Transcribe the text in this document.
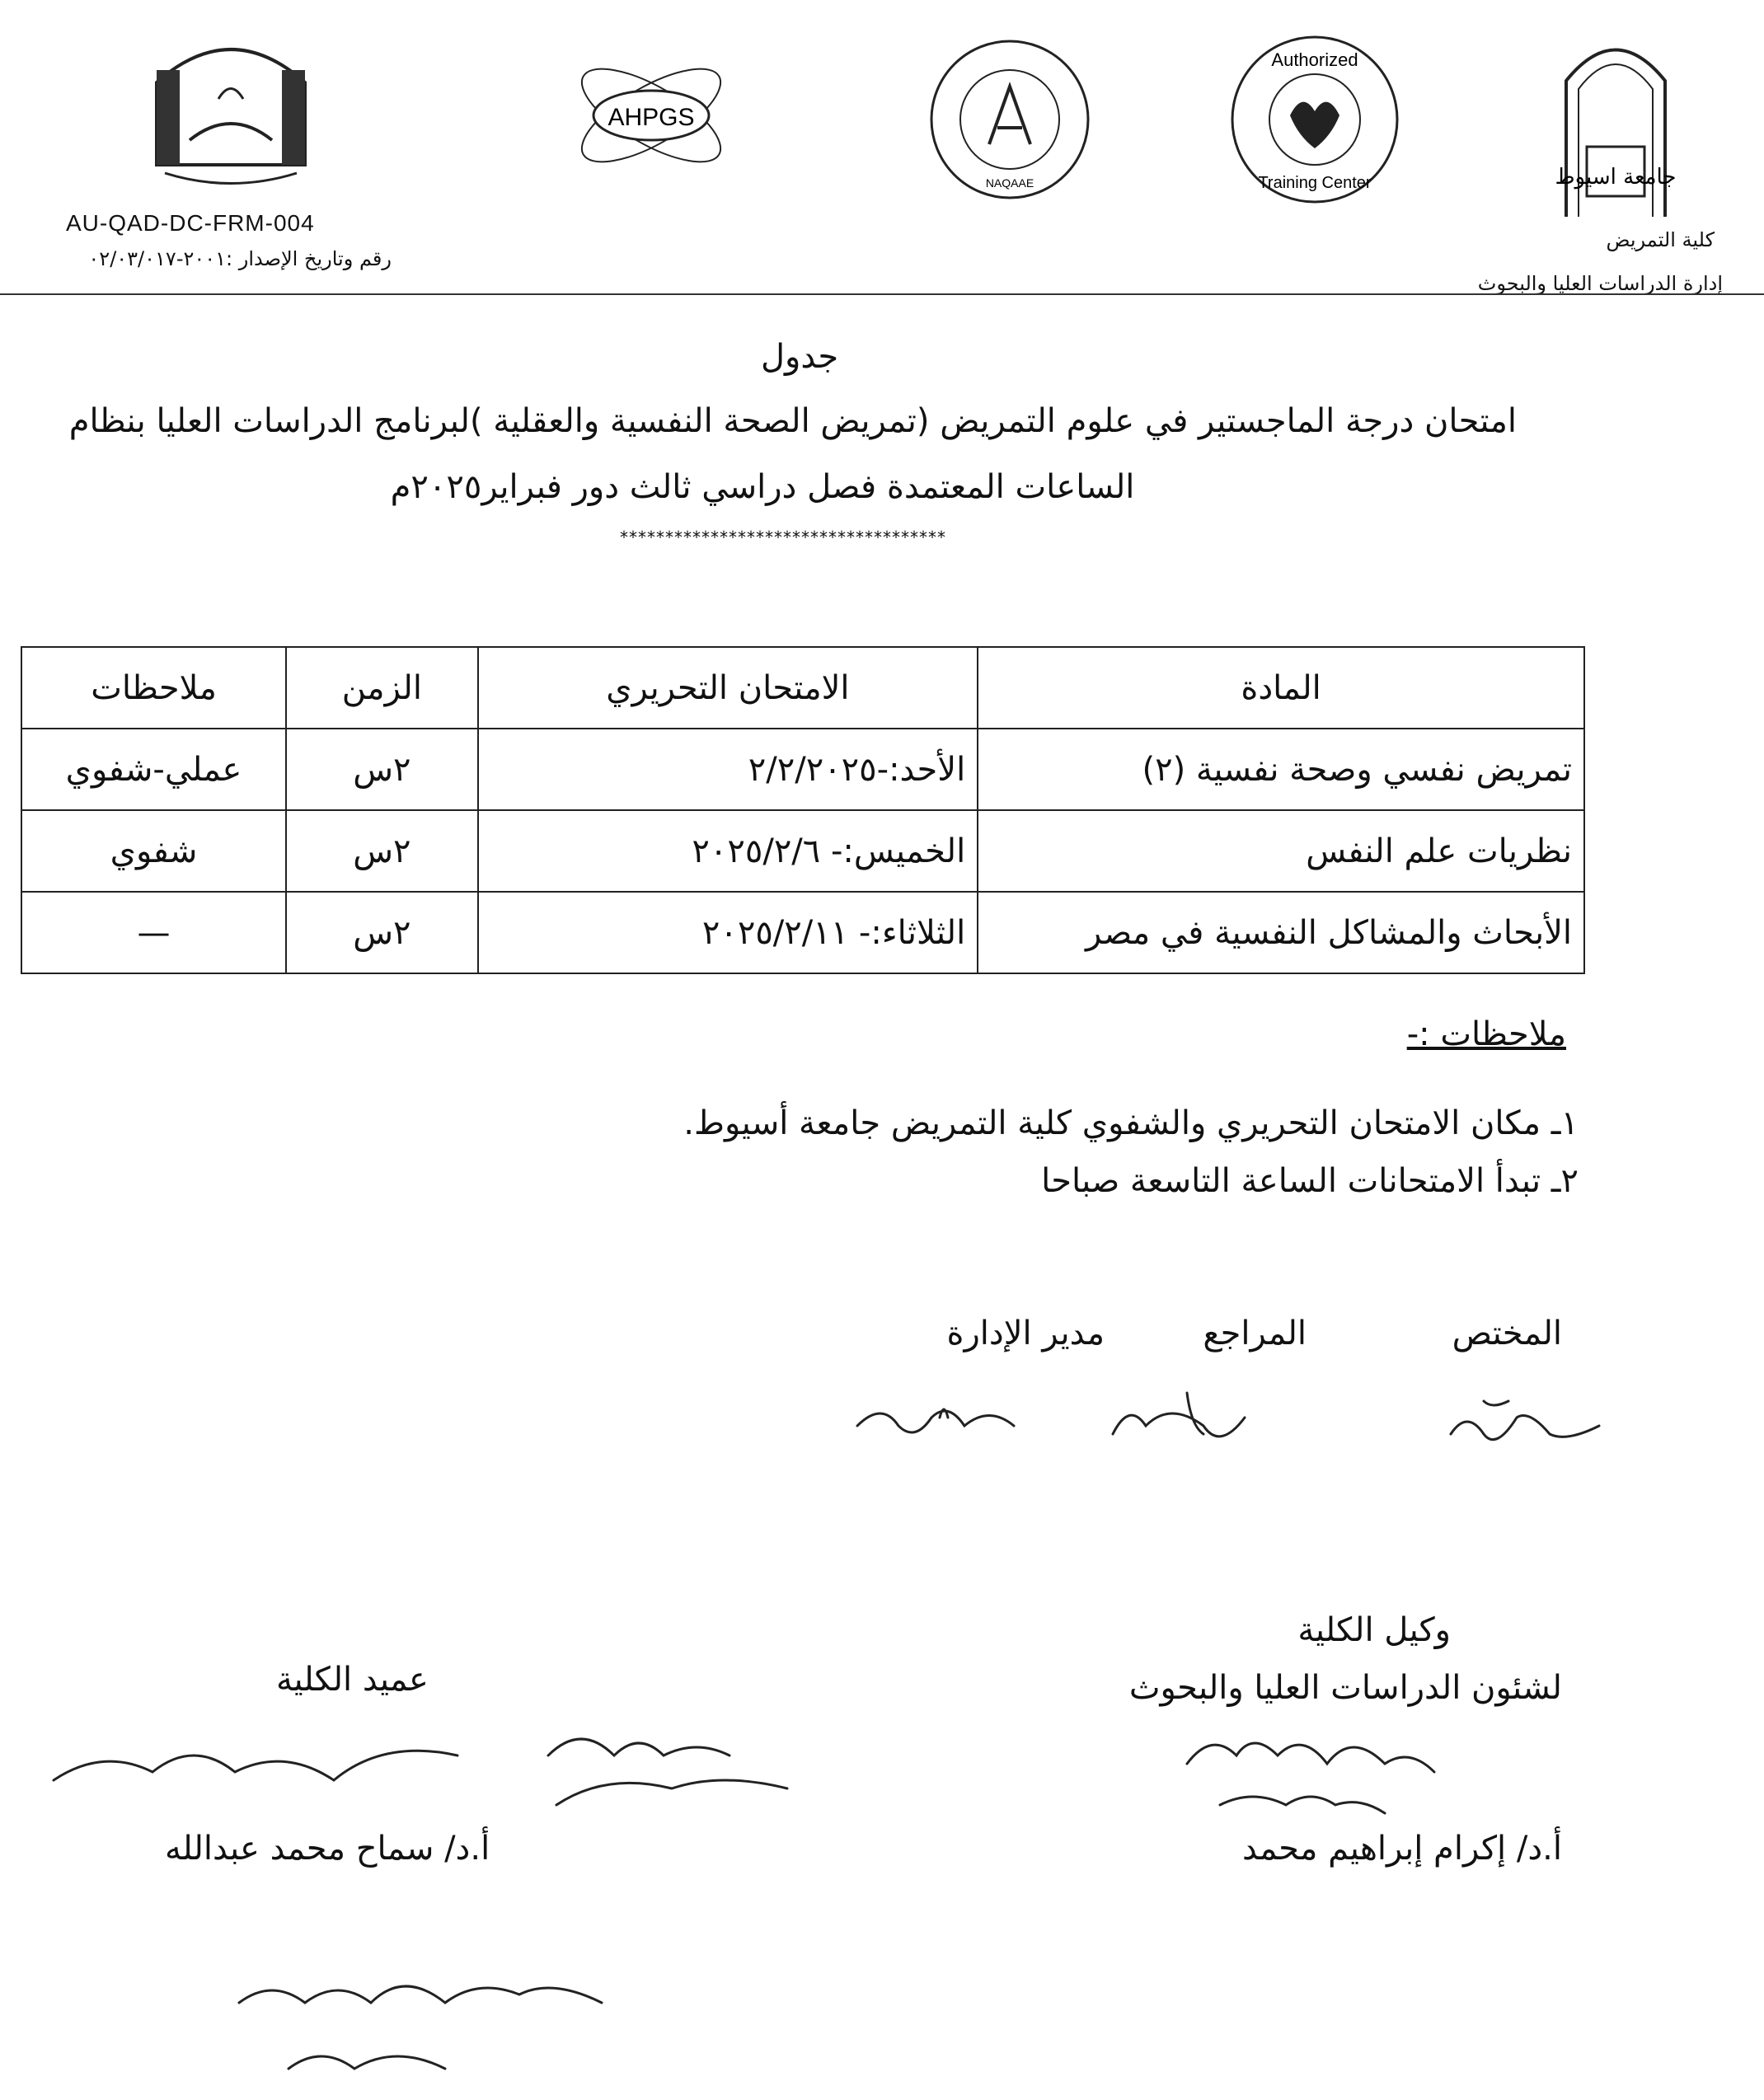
جامعة اسيوط
Authorized
Training Center
NAQAAE
AHPGS
AU-QAD-DC-FRM-004
رقم وتاريخ الإصدار :٢٠٠١-٠٢/٠٣/٠١٧
كلية التمريض
إدارة الدراسات العليا والبحوث
جدول
امتحان درجة الماجستير في علوم التمريض (تمريض الصحة النفسية والعقلية )لبرنامج الدراسات العليا بنظام
الساعات المعتمدة فصل دراسي ثالث دور فبراير٢٠٢٥م
************************************
المادة	الامتحان التحريري	الزمن	ملاحظات
تمريض نفسي وصحة نفسية (٢)	الأحد:-٢/٢/٢٠٢٥	٢س	عملي-شفوي
نظريات علم النفس	الخميس:- ٢٠٢٥/٢/٦	٢س	شفوي
الأبحاث والمشاكل النفسية في مصر	الثلاثاء:- ٢٠٢٥/٢/١١	٢س	—
ملاحظات :-
١ـ مكان الامتحان التحريري والشفوي كلية التمريض جامعة أسيوط.
٢ـ تبدأ الامتحانات الساعة التاسعة صباحا
المختص
المراجع
مدير الإدارة
وكيل الكلية
لشئون الدراسات العليا والبحوث
أ.د/ إكرام إبراهيم محمد
عميد الكلية
أ.د/ سماح محمد عبدالله
